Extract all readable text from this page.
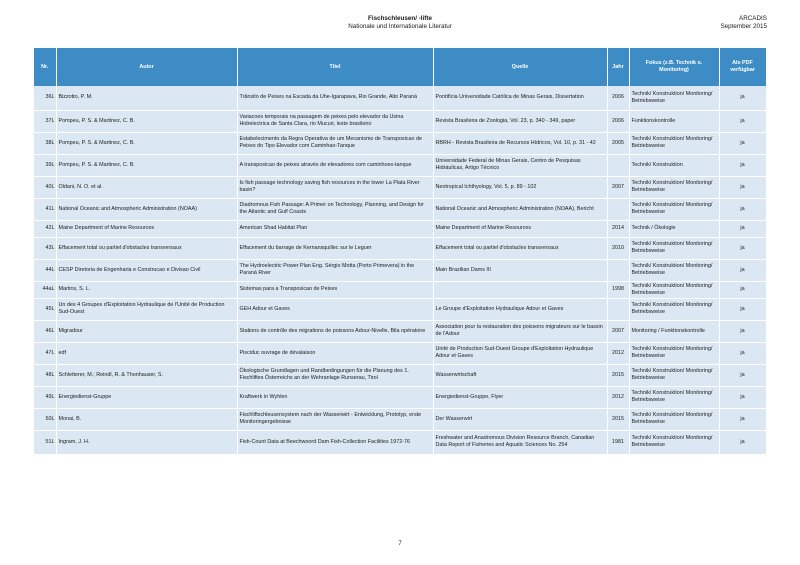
Fischschleusen/ -lifte
Nationale und Internationale Literatur
ARCADIS
September 2015
Nr.	Autor	Titel	Quelle	Jahr	Fokus (z.B. Technik o. Monitoring)	Als PDF verfügbar
36L	Bizzotto, P. M.	Trânsito de Peixes na Escada da Uhe-Igarapava, Rio Grande, Alto Paraná	Pontifícia Universidade Católica de Minas Gerais, Dissertation	2006	Technik/ Konstruktion/ Monitoring/ Betriebsweise	ja
37L	Pompeu, P. S. & Martinez, C. B.	Variacoes temporais na passagem de peixes pelo elevador da Usina Hidrelectrica de Santa Clara, rio Mucuri, leste brasileiro	Revista Brasileira de Zoologia, Vol. 23, p. 340 - 349, paper	2006	Funktionskontrolle	ja
38L	Pompeu, P. S. & Martinez, C. B.	Estabelecimento da Regra Operativa de um Mecanismo de Transposicao de Peixes do Tipo Elevador com Caminhao-Tanque	RBRH - Revista Brasileira de Recursos Hídricos, Vol. 10, p. 31 - 42	2005	Technik/ Konstruktion/ Monitoring/ Betriebsweise	ja
39L	Pompeu, P. S. & Martinez, C. B.	A transposicao de peixes através de elevadores com caminhoes-tanque	Universidade Federal de Minas Gerais, Centro de Pesquisas Hidráulicas, Artigo Técnico		Technik/ Konstruktion	ja
40L	Oldani, N. O. et al.	Is fish passage technology saving fish resources in the lower La Plata River basin?	Neotropical Ichthyology, Vol. 5, p. 89 - 102	2007	Technik/ Konstruktion/ Monitoring/ Betriebsweise	ja
41L	National Oceanic and Atmospheric Administration (NOAA)	Diadromous Fish Passage: A Primer on Technology, Planning, and Design for the Atlantic and Gulf Coasts	National Oceanic and Atmospheric Administration (NOAA), Bericht		Technik/ Konstruktion/ Monitoring/ Betriebsweise	ja
42L	Maine Department of Marine Resources	American Shad Habitat Plan	Maine Department of Marine Resources	2014	Technik / Ökologie	ja
43L	Effacement total ou partiel d'obstacles transversaux	Effacement du barrage de Kernansquillec sur le Leguer	Effacement total ou partiel d'obstacles transversaux	2010	Technik/ Konstruktion/ Monitoring/ Betriebsweise	ja
44L	CESP Diretoria de Engenharia e Construcao e Divisao Civil	The Hydroelectric Power Plan Eng. Sérgio Motta (Porto Primevera) in the Paraná River	Main Brazilian Dams III		Technik/ Konstruktion/ Monitoring/ Betriebsweise	ja
44aL	Martins, S. L.	Sistemas para a Transposicao de Peixes		1998	Technik/ Konstruktion/ Monitoring/ Betriebsweise	ja
45L	Un des 4 Groupes d'Exploitation Hydraulique de l'Unité de Production Sud-Ouest	GEH Adour et Gaves	Le Groupe d'Exploitation Hydraulique Adour et Gaves		Technik/ Konstruktion/ Monitoring/ Betriebsweise	ja
46L	Migradour	Stations de contrôle des migrations de poissons Adour-Nivelle, Bila opératoire	Association pour la restauration des poissons migrateurs sur le bassin de l'Adour	2007	Monitoring / Funktionskontrolle	ja
47L	edf	Pisciduc ouvrage de dévalaison	Unité de Production Sud-Ouest Groupe d'Exploitation Hydraulique Adour et Gaves	2012	Technik/ Konstruktion/ Monitoring/ Betriebsweise	ja
48L	Schletterer, M.; Reindl, R. & Thonhauser, S.	Ökologische Grundlagen und Randbedingungen für die Planung des 1. Fischliftes Österreichs an der Wehranlage Runserau, Tirol	Wasserwirtschaft	2015	Technik/ Konstruktion/ Monitoring/ Betriebsweise	ja
49L	Energiedienst-Gruppe	Kraftwerk in Wyhlen	Energiedienst-Gruppe, Flyer	2012	Technik/ Konstruktion/ Monitoring/ Betriebsweise	ja
50L	Monai, B.	Fischliftschleusensystem nach der Wasserwirt - Entwicklung, Prototyp, erste Monitoringergebnisse	Der Wasserwirt	2015	Technik/ Konstruktion/ Monitoring/ Betriebsweise	ja
51L	Ingram, J. H.	Fish-Count Data at Beechwoord Dam Fish-Collection Facilities 1972-76	Freshwater and Anadromous Division Resource Branch, Canadian Data Report of Fisheries and Aquatic Sciences No. 254	1981	Technik/ Konstruktion/ Monitoring/ Betriebsweise	ja
7
